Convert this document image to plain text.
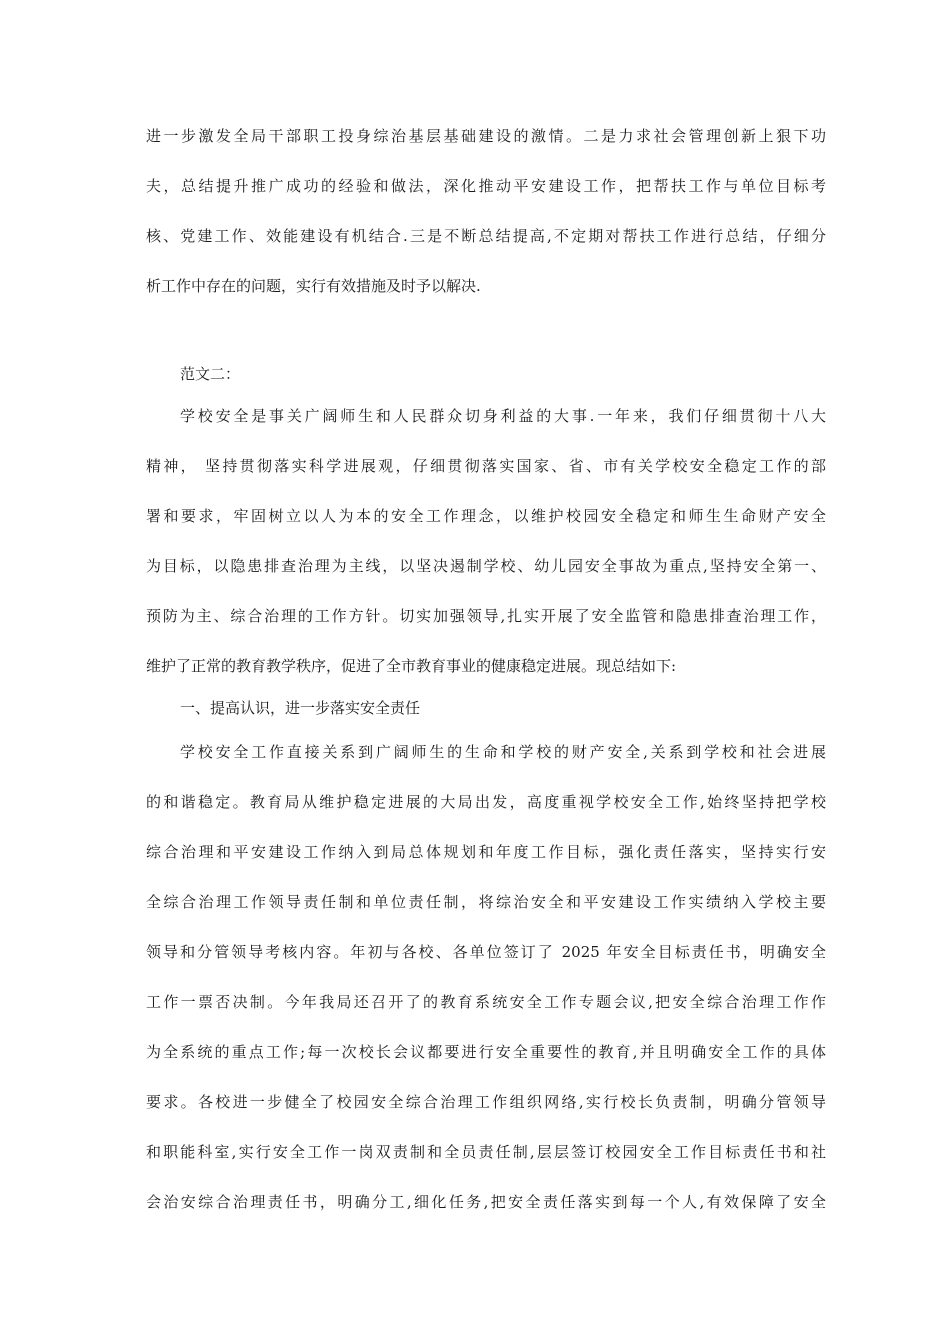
进一步激发全局干部职工投身综治基层基础建设的激情。二是力求社会管理创新上狠下功

夫，总结提升推广成功的经验和做法，深化推动平安建设工作，把帮扶工作与单位目标考

核、党建工作、效能建设有机结合.三是不断总结提高,不定期对帮扶工作进行总结，仔细分

析工作中存在的问题，实行有效措施及时予以解决.

范文二：

学校安全是事关广阔师生和人民群众切身利益的大事.一年来，我们仔细贯彻十八大

精神， 坚持贯彻落实科学进展观，仔细贯彻落实国家、省、市有关学校安全稳定工作的部

署和要求，牢固树立以人为本的安全工作理念，以维护校园安全稳定和师生生命财产安全

为目标，以隐患排查治理为主线，以坚决遏制学校、幼儿园安全事故为重点,坚持安全第一、

预防为主、综合治理的工作方针。切实加强领导,扎实开展了安全监管和隐患排查治理工作，

维护了正常的教育教学秩序，促进了全市教育事业的健康稳定进展。现总结如下:

一、提高认识，进一步落实安全责任

学校安全工作直接关系到广阔师生的生命和学校的财产安全,关系到学校和社会进展

的和谐稳定。教育局从维护稳定进展的大局出发，高度重视学校安全工作,始终坚持把学校

综合治理和平安建设工作纳入到局总体规划和年度工作目标，强化责任落实，坚持实行安

全综合治理工作领导责任制和单位责任制，将综治安全和平安建设工作实绩纳入学校主要

领导和分管领导考核内容。年初与各校、各单位签订了 2025 年安全目标责任书，明确安全

工作一票否决制。今年我局还召开了的教育系统安全工作专题会议,把安全综合治理工作作

为全系统的重点工作;每一次校长会议都要进行安全重要性的教育,并且明确安全工作的具体

要求。各校进一步健全了校园安全综合治理工作组织网络,实行校长负责制，明确分管领导

和职能科室,实行安全工作一岗双责制和全员责任制,层层签订校园安全工作目标责任书和社

会治安综合治理责任书，明确分工,细化任务,把安全责任落实到每一个人,有效保障了安全
